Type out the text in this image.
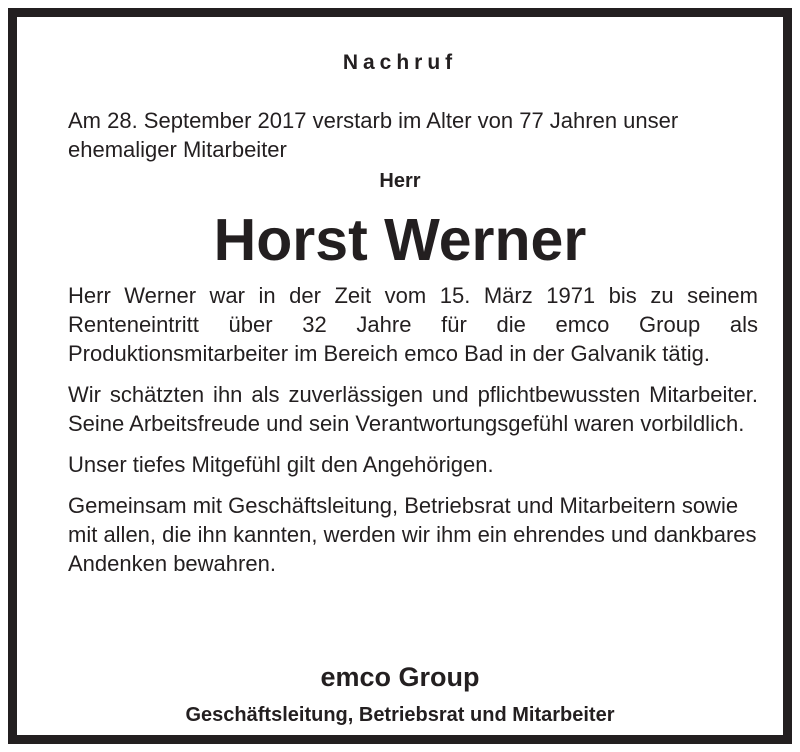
Nachruf

Am 28. September 2017 verstarb im Alter von 77 Jahren unser ehemaliger Mitarbeiter

Herr
Horst Werner

Herr Werner war in der Zeit vom 15. März 1971 bis zu seinem Renteneintritt über 32 Jahre für die emco Group als Produktionsmitarbeiter im Bereich emco Bad in der Galvanik tätig.

Wir schätzten ihn als zuverlässigen und pflichtbewussten Mitarbeiter. Seine Arbeitsfreude und sein Verantwortungsgefühl waren vorbildlich.

Unser tiefes Mitgefühl gilt den Angehörigen.

Gemeinsam mit Geschäftsleitung, Betriebsrat und Mitarbeitern sowie mit allen, die ihn kannten, werden wir ihm ein ehrendes und dankbares Andenken bewahren.

emco Group
Geschäftsleitung, Betriebsrat und Mitarbeiter
